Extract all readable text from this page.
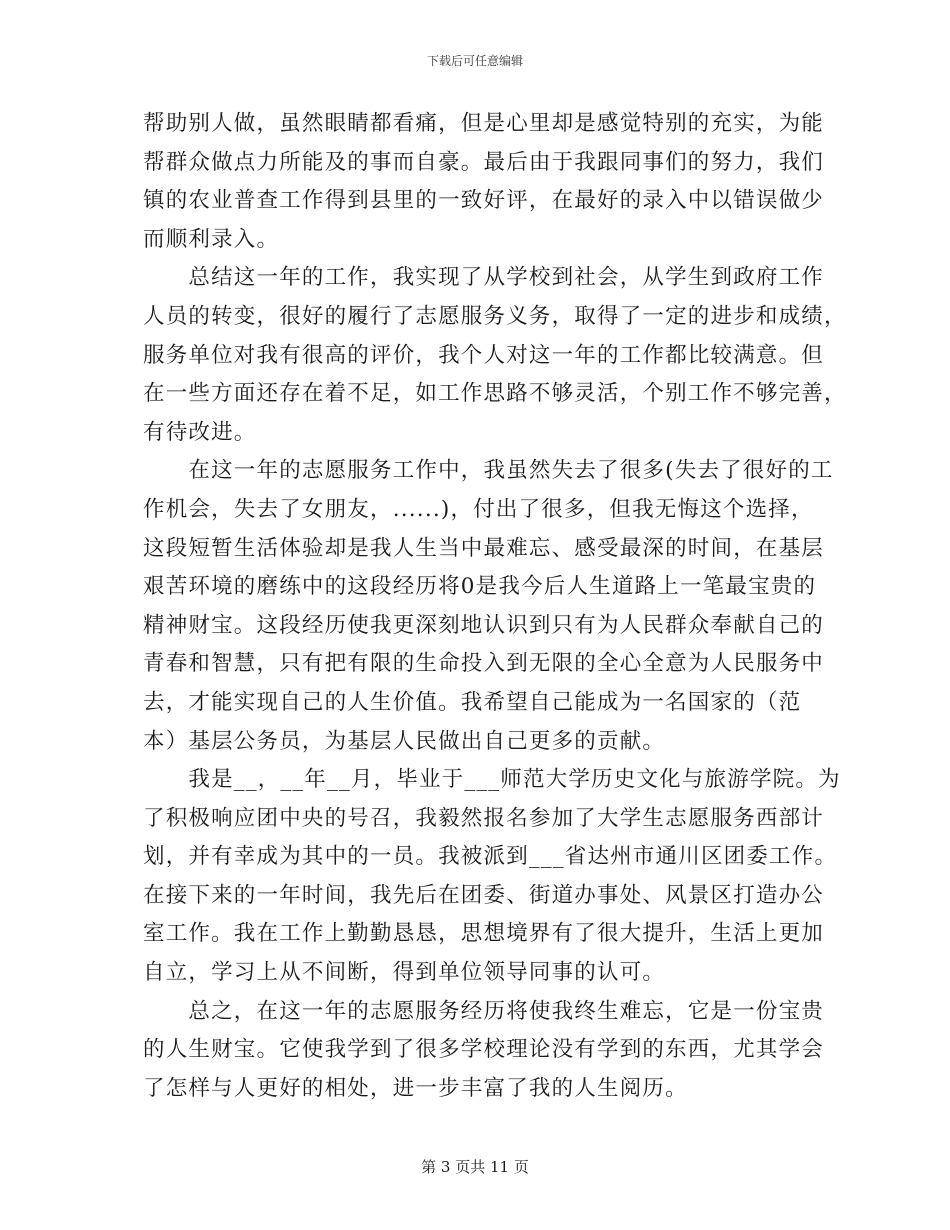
下载后可任意编辑

帮助别人做，虽然眼睛都看痛，但是心里却是感觉特别的充实，为能
帮群众做点力所能及的事而自豪。最后由于我跟同事们的努力，我们
镇的农业普查工作得到县里的一致好评，在最好的录入中以错误做少
而顺利录入。

　　总结这一年的工作，我实现了从学校到社会，从学生到政府工作
人员的转变，很好的履行了志愿服务义务，取得了一定的进步和成绩，
服务单位对我有很高的评价，我个人对这一年的工作都比较满意。但
在一些方面还存在着不足，如工作思路不够灵活，个别工作不够完善，
有待改进。

　　在这一年的志愿服务工作中，我虽然失去了很多(失去了很好的工
作机会，失去了女朋友，......)，付出了很多，但我无悔这个选择，
这段短暂生活体验却是我人生当中最难忘、感受最深的时间，在基层
艰苦环境的磨练中的这段经历将0是我今后人生道路上一笔最宝贵的
精神财宝。这段经历使我更深刻地认识到只有为人民群众奉献自己的
青春和智慧，只有把有限的生命投入到无限的全心全意为人民服务中
去，才能实现自己的人生价值。我希望自己能成为一名国家的（范
本）基层公务员，为基层人民做出自己更多的贡献。

　　我是__，__年__月，毕业于___师范大学历史文化与旅游学院。为
了积极响应团中央的号召，我毅然报名参加了大学生志愿服务西部计
划，并有幸成为其中的一员。我被派到___省达州市通川区团委工作。
在接下来的一年时间，我先后在团委、街道办事处、风景区打造办公
室工作。我在工作上勤勤恳恳，思想境界有了很大提升，生活上更加
自立，学习上从不间断，得到单位领导同事的认可。

　　总之，在这一年的志愿服务经历将使我终生难忘，它是一份宝贵
的人生财宝。它使我学到了很多学校理论没有学到的东西，尤其学会
了怎样与人更好的相处，进一步丰富了我的人生阅历。

第 3 页共 11 页
